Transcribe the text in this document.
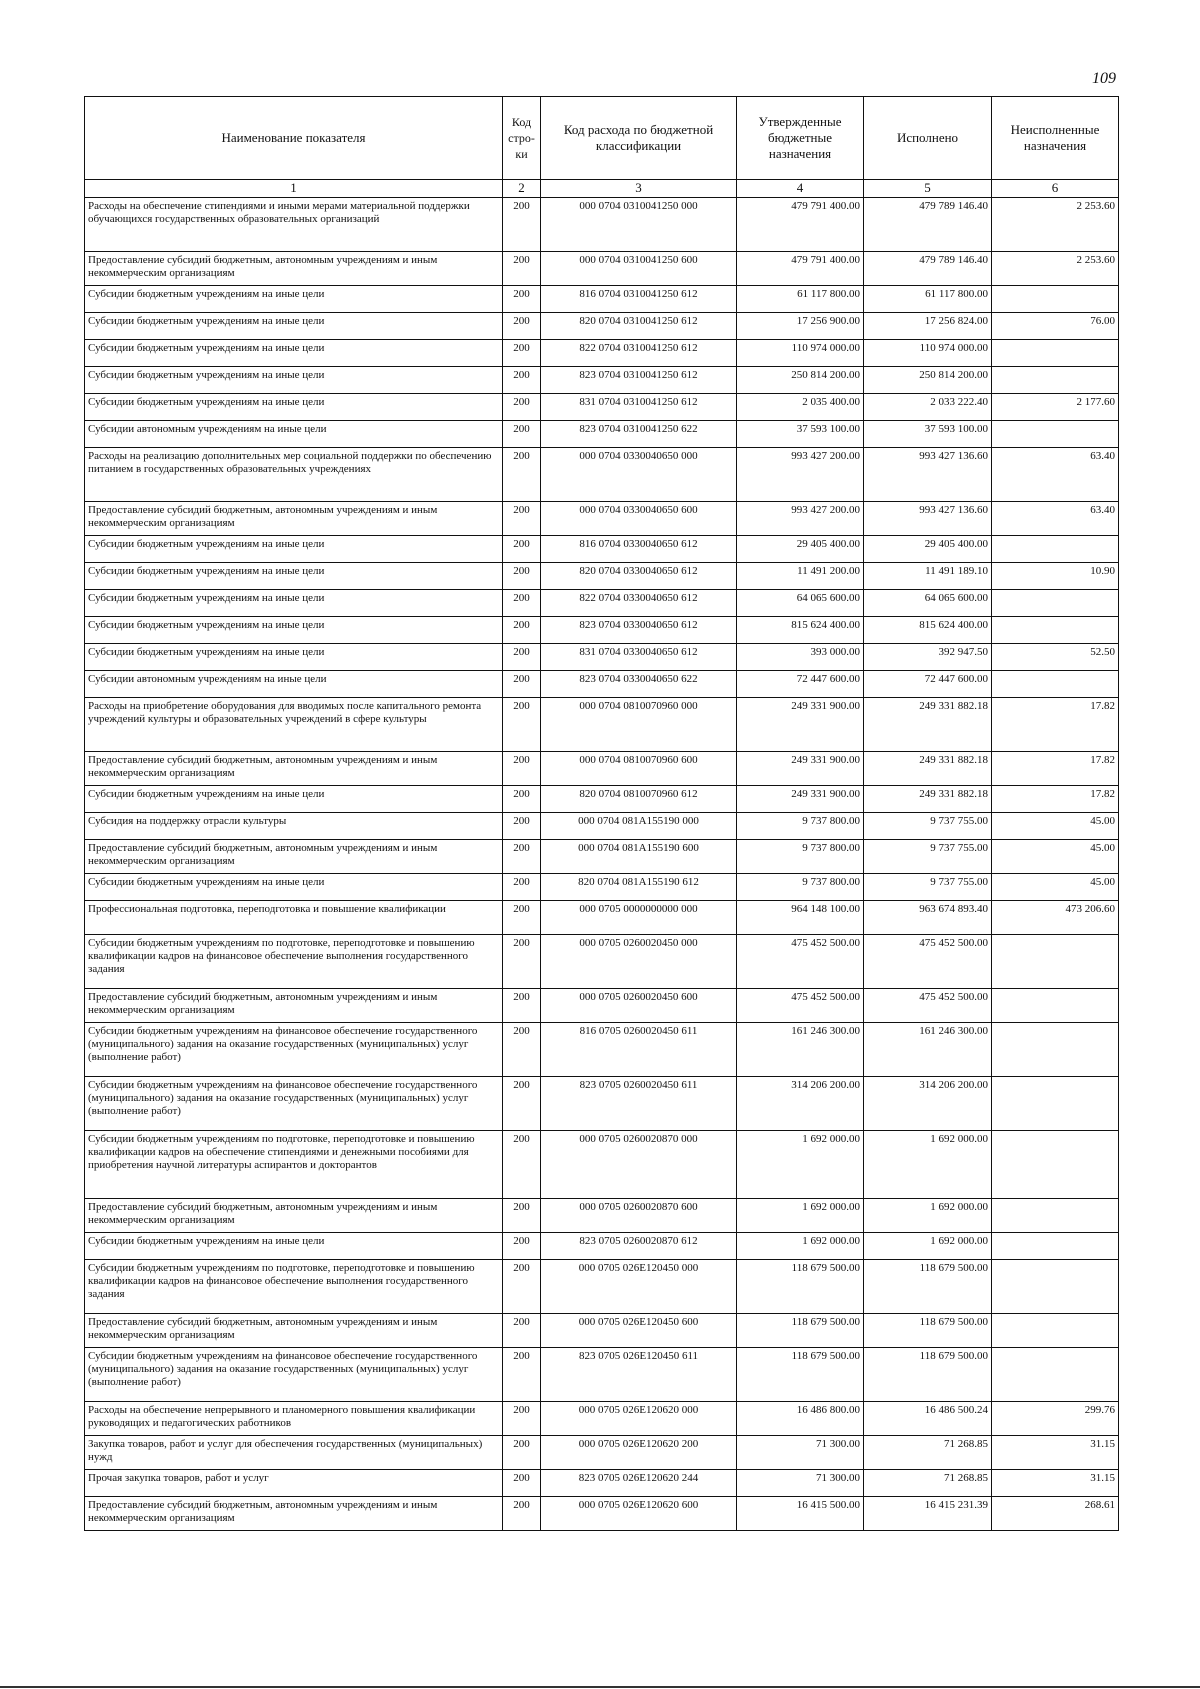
109
Наименование показателя	Код стро-ки	Код расхода по бюджетной классификации	Утвержденные бюджетные назначения	Исполнено	Неисполненные назначения
1	2	3	4	5	6
Расходы на обеспечение стипендиями и иными мерами материальной поддержки обучающихся государственных образовательных организаций	200	000 0704 0310041250 000	479 791 400.00	479 789 146.40	2 253.60
Предоставление субсидий бюджетным, автономным учреждениям и иным некоммерческим организациям	200	000 0704 0310041250 600	479 791 400.00	479 789 146.40	2 253.60
Субсидии бюджетным учреждениям на иные цели	200	816 0704 0310041250 612	61 117 800.00	61 117 800.00	
Субсидии бюджетным учреждениям на иные цели	200	820 0704 0310041250 612	17 256 900.00	17 256 824.00	76.00
Субсидии бюджетным учреждениям на иные цели	200	822 0704 0310041250 612	110 974 000.00	110 974 000.00	
Субсидии бюджетным учреждениям на иные цели	200	823 0704 0310041250 612	250 814 200.00	250 814 200.00	
Субсидии бюджетным учреждениям на иные цели	200	831 0704 0310041250 612	2 035 400.00	2 033 222.40	2 177.60
Субсидии автономным учреждениям на иные цели	200	823 0704 0310041250 622	37 593 100.00	37 593 100.00	
Расходы на реализацию дополнительных мер социальной поддержки по обеспечению питанием в государственных образовательных учреждениях	200	000 0704 0330040650 000	993 427 200.00	993 427 136.60	63.40
Предоставление субсидий бюджетным, автономным учреждениям и иным некоммерческим организациям	200	000 0704 0330040650 600	993 427 200.00	993 427 136.60	63.40
Субсидии бюджетным учреждениям на иные цели	200	816 0704 0330040650 612	29 405 400.00	29 405 400.00	
Субсидии бюджетным учреждениям на иные цели	200	820 0704 0330040650 612	11 491 200.00	11 491 189.10	10.90
Субсидии бюджетным учреждениям на иные цели	200	822 0704 0330040650 612	64 065 600.00	64 065 600.00	
Субсидии бюджетным учреждениям на иные цели	200	823 0704 0330040650 612	815 624 400.00	815 624 400.00	
Субсидии бюджетным учреждениям на иные цели	200	831 0704 0330040650 612	393 000.00	392 947.50	52.50
Субсидии автономным учреждениям на иные цели	200	823 0704 0330040650 622	72 447 600.00	72 447 600.00	
Расходы на приобретение оборудования для вводимых после капитального ремонта учреждений культуры и образовательных учреждений в сфере культуры	200	000 0704 0810070960 000	249 331 900.00	249 331 882.18	17.82
Предоставление субсидий бюджетным, автономным учреждениям и иным некоммерческим организациям	200	000 0704 0810070960 600	249 331 900.00	249 331 882.18	17.82
Субсидии бюджетным учреждениям на иные цели	200	820 0704 0810070960 612	249 331 900.00	249 331 882.18	17.82
Субсидия на поддержку отрасли культуры	200	000 0704 081А155190 000	9 737 800.00	9 737 755.00	45.00
Предоставление субсидий бюджетным, автономным учреждениям и иным некоммерческим организациям	200	000 0704 081А155190 600	9 737 800.00	9 737 755.00	45.00
Субсидии бюджетным учреждениям на иные цели	200	820 0704 081А155190 612	9 737 800.00	9 737 755.00	45.00
Профессиональная подготовка, переподготовка и повышение квалификации	200	000 0705 0000000000 000	964 148 100.00	963 674 893.40	473 206.60
Субсидии бюджетным учреждениям по подготовке, переподготовке и повышению квалификации кадров на финансовое обеспечение выполнения государственного задания	200	000 0705 0260020450 000	475 452 500.00	475 452 500.00	
Предоставление субсидий бюджетным, автономным учреждениям и иным некоммерческим организациям	200	000 0705 0260020450 600	475 452 500.00	475 452 500.00	
Субсидии бюджетным учреждениям на финансовое обеспечение государственного (муниципального) задания на оказание государственных (муниципальных) услуг (выполнение работ)	200	816 0705 0260020450 611	161 246 300.00	161 246 300.00	
Субсидии бюджетным учреждениям на финансовое обеспечение государственного (муниципального) задания на оказание государственных (муниципальных) услуг (выполнение работ)	200	823 0705 0260020450 611	314 206 200.00	314 206 200.00	
Субсидии бюджетным учреждениям по подготовке, переподготовке и повышению квалификации кадров на обеспечение стипендиями и денежными пособиями для приобретения научной литературы аспирантов и докторантов	200	000 0705 0260020870 000	1 692 000.00	1 692 000.00	
Предоставление субсидий бюджетным, автономным учреждениям и иным некоммерческим организациям	200	000 0705 0260020870 600	1 692 000.00	1 692 000.00	
Субсидии бюджетным учреждениям на иные цели	200	823 0705 0260020870 612	1 692 000.00	1 692 000.00	
Субсидии бюджетным учреждениям по подготовке, переподготовке и повышению квалификации кадров на финансовое обеспечение выполнения государственного задания	200	000 0705 026Е120450 000	118 679 500.00	118 679 500.00	
Предоставление субсидий бюджетным, автономным учреждениям и иным некоммерческим организациям	200	000 0705 026Е120450 600	118 679 500.00	118 679 500.00	
Субсидии бюджетным учреждениям на финансовое обеспечение государственного (муниципального) задания на оказание государственных (муниципальных) услуг (выполнение работ)	200	823 0705 026Е120450 611	118 679 500.00	118 679 500.00	
Расходы на обеспечение непрерывного и планомерного повышения квалификации руководящих и педагогических работников	200	000 0705 026Е120620 000	16 486 800.00	16 486 500.24	299.76
Закупка товаров, работ и услуг для обеспечения государственных (муниципальных) нужд	200	000 0705 026Е120620 200	71 300.00	71 268.85	31.15
Прочая закупка товаров, работ и услуг	200	823 0705 026Е120620 244	71 300.00	71 268.85	31.15
Предоставление субсидий бюджетным, автономным учреждениям и иным некоммерческим организациям	200	000 0705 026Е120620 600	16 415 500.00	16 415 231.39	268.61
